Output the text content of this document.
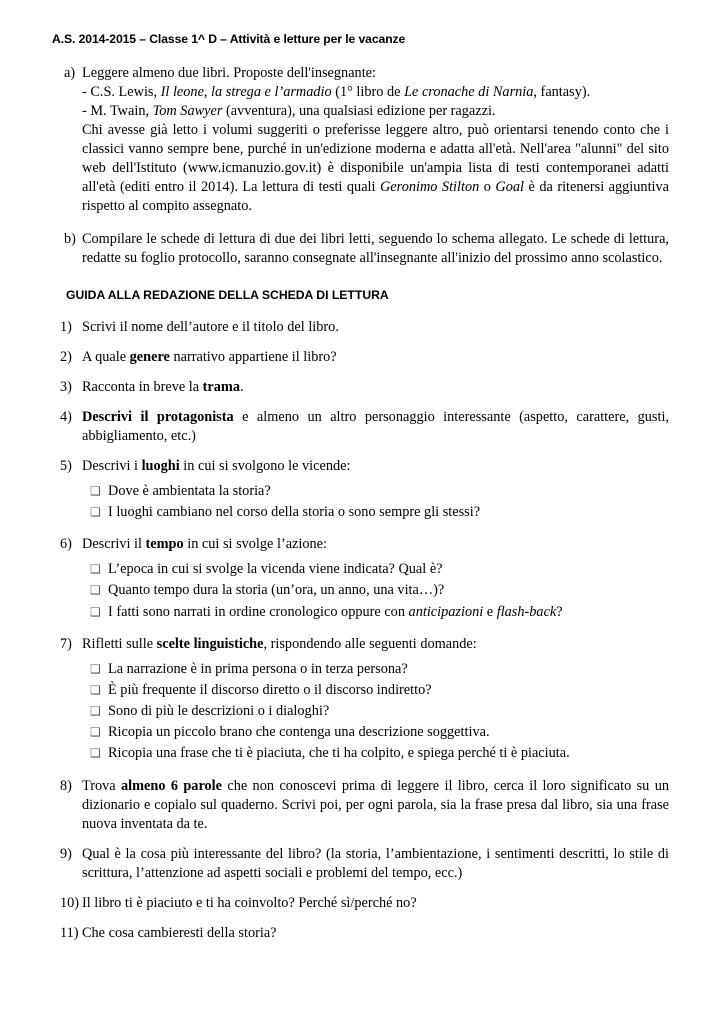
A.S. 2014-2015 – Classe 1^ D – Attività e letture per le vacanze
a) Leggere almeno due libri. Proposte dell'insegnante:
- C.S. Lewis, Il leone, la strega e l’armadio (1° libro de Le cronache di Narnia, fantasy).
- M. Twain, Tom Sawyer (avventura), una qualsiasi edizione per ragazzi.
Chi avesse già letto i volumi suggeriti o preferisse leggere altro, può orientarsi tenendo conto che i classici vanno sempre bene, purché in un'edizione moderna e adatta all'età. Nell'area "alunni" del sito web dell'Istituto (www.icmanuzio.gov.it) è disponibile un'ampia lista di testi contemporanei adatti all'età (editi entro il 2014). La lettura di testi quali Geronimo Stilton o Goal è da ritenersi aggiuntiva rispetto al compito assegnato.
b) Compilare le schede di lettura di due dei libri letti, seguendo lo schema allegato. Le schede di lettura, redatte su foglio protocollo, saranno consegnate all'insegnante all'inizio del prossimo anno scolastico.
GUIDA ALLA REDAZIONE DELLA SCHEDA DI LETTURA
1) Scrivi il nome dell’autore e il titolo del libro.
2) A quale genere narrativo appartiene il libro?
3) Racconta in breve la trama.
4) Descrivi il protagonista e almeno un altro personaggio interessante (aspetto, carattere, gusti, abbigliamento, etc.)
5) Descrivi i luoghi in cui si svolgono le vicende:
❑ Dove è ambientata la storia?
❑ I luoghi cambiano nel corso della storia o sono sempre gli stessi?
6) Descrivi il tempo in cui si svolge l’azione:
❑ L’epoca in cui si svolge la vicenda viene indicata? Qual è?
❑ Quanto tempo dura la storia (un’ora, un anno, una vita…)?
❑ I fatti sono narrati in ordine cronologico oppure con anticipazioni e flash-back?
7) Rifletti sulle scelte linguistiche, rispondendo alle seguenti domande:
❑ La narrazione è in prima persona o in terza persona?
❑ È più frequente il discorso diretto o il discorso indiretto?
❑ Sono di più le descrizioni o i dialoghi?
❑ Ricopia un piccolo brano che contenga una descrizione soggettiva.
❑ Ricopia una frase che ti è piaciuta, che ti ha colpito, e spiega perché ti è piaciuta.
8) Trova almeno 6 parole che non conoscevi prima di leggere il libro, cerca il loro significato su un dizionario e copialo sul quaderno. Scrivi poi, per ogni parola, sia la frase presa dal libro, sia una frase nuova inventata da te.
9) Qual è la cosa più interessante del libro? (la storia, l’ambientazione, i sentimenti descritti, lo stile di scrittura, l’attenzione ad aspetti sociali e problemi del tempo, ecc.)
10) Il libro ti è piaciuto e ti ha coinvolto? Perché sì/perché no?
11) Che cosa cambieresti della storia?
